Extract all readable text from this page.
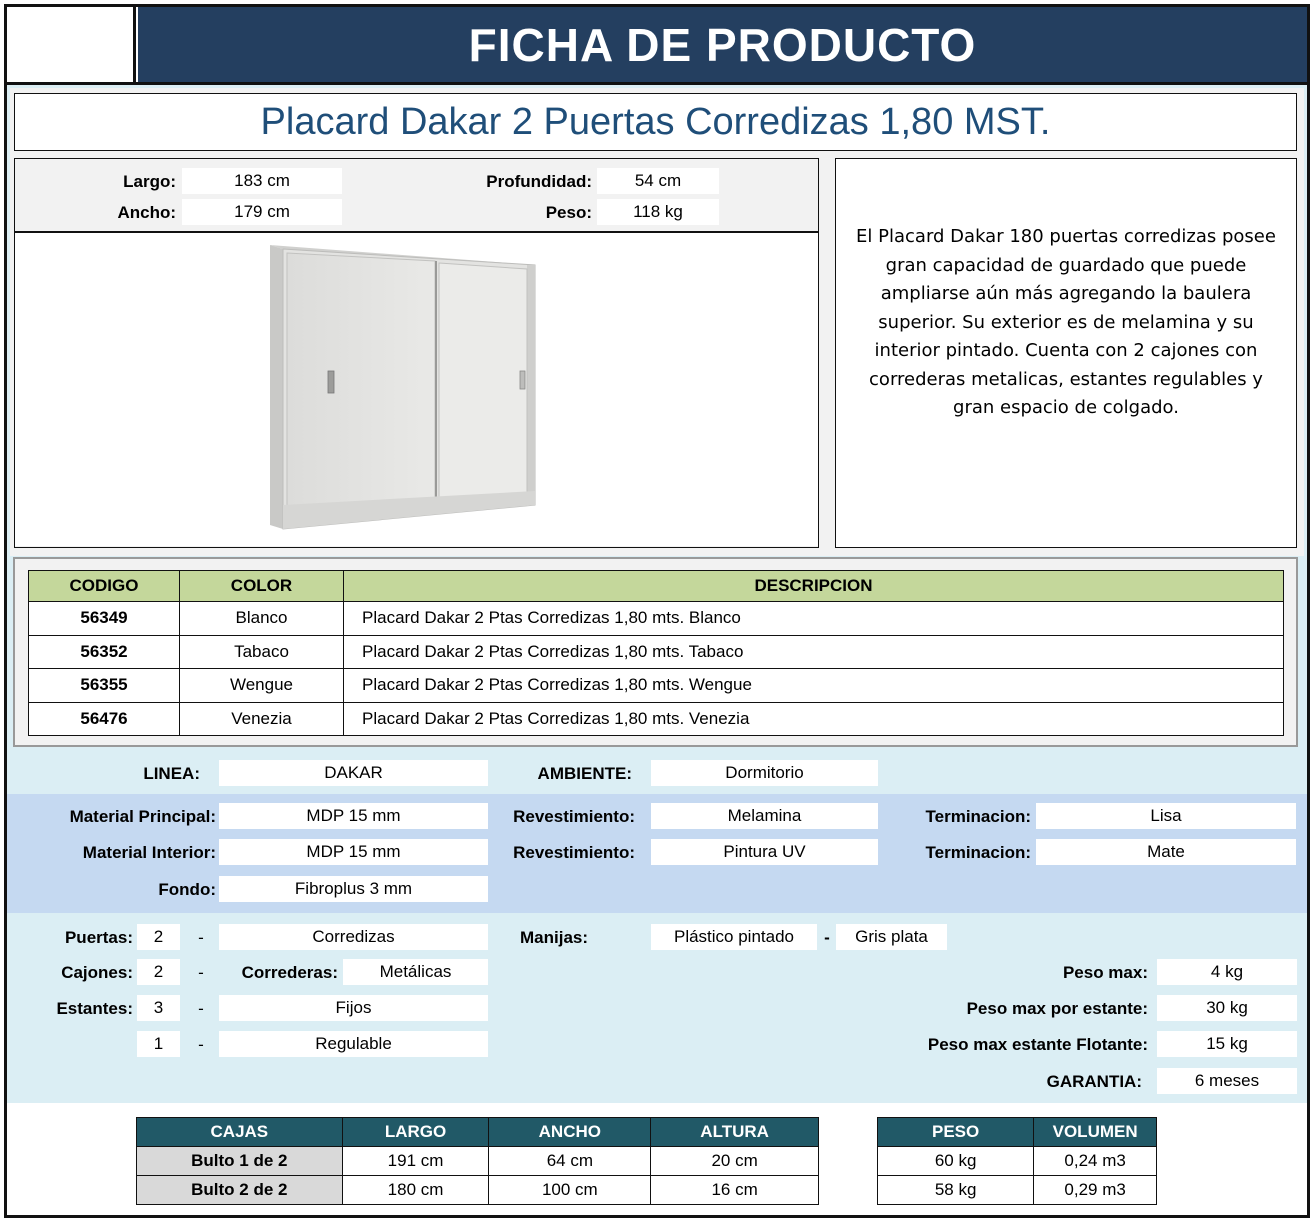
FICHA DE PRODUCTO
Placard Dakar 2 Puertas Corredizas 1,80 MST.
Largo:	183 cm
Ancho:	179 cm
Profundidad:	54 cm
Peso:	118 kg

El Placard Dakar 180 puertas corredizas posee gran capacidad de guardado que puede ampliarse aún más agregando la baulera superior. Su exterior es de melamina y su interior pintado. Cuenta con 2 cajones con correderas metalicas, estantes regulables y gran espacio de colgado.

CODIGO	COLOR	DESCRIPCION
56349	Blanco	Placard Dakar 2 Ptas Corredizas 1,80 mts. Blanco
56352	Tabaco	Placard Dakar 2 Ptas Corredizas 1,80 mts. Tabaco
56355	Wengue	Placard Dakar 2 Ptas Corredizas 1,80 mts. Wengue
56476	Venezia	Placard Dakar 2 Ptas Corredizas 1,80 mts. Venezia
LINEA:	DAKAR	AMBIENTE:	Dormitorio
Material Principal:	MDP 15 mm
Material Interior:	MDP 15 mm
Fondo:	Fibroplus 3 mm
Revestimiento:	Melamina
Revestimiento:	Pintura UV
Terminacion:	Lisa
Terminacion:	Mate
Puertas:	2	-	Corredizas
Cajones:	2	-	Correderas:	Metálicas
Estantes:	3	-	Fijos
1	-	Regulable
Manijas:	Plástico pintado	-	Gris plata
Peso max:	4 kg
Peso max por estante:	30 kg
Peso max estante Flotante:	15 kg
GARANTIA:	6 meses
CAJAS	LARGO	ANCHO	ALTURA
Bulto 1 de 2	191 cm	64 cm	20 cm
Bulto 2 de 2	180 cm	100 cm	16 cm
PESO	VOLUMEN
60 kg	0,24 m3
58 kg	0,29 m3
